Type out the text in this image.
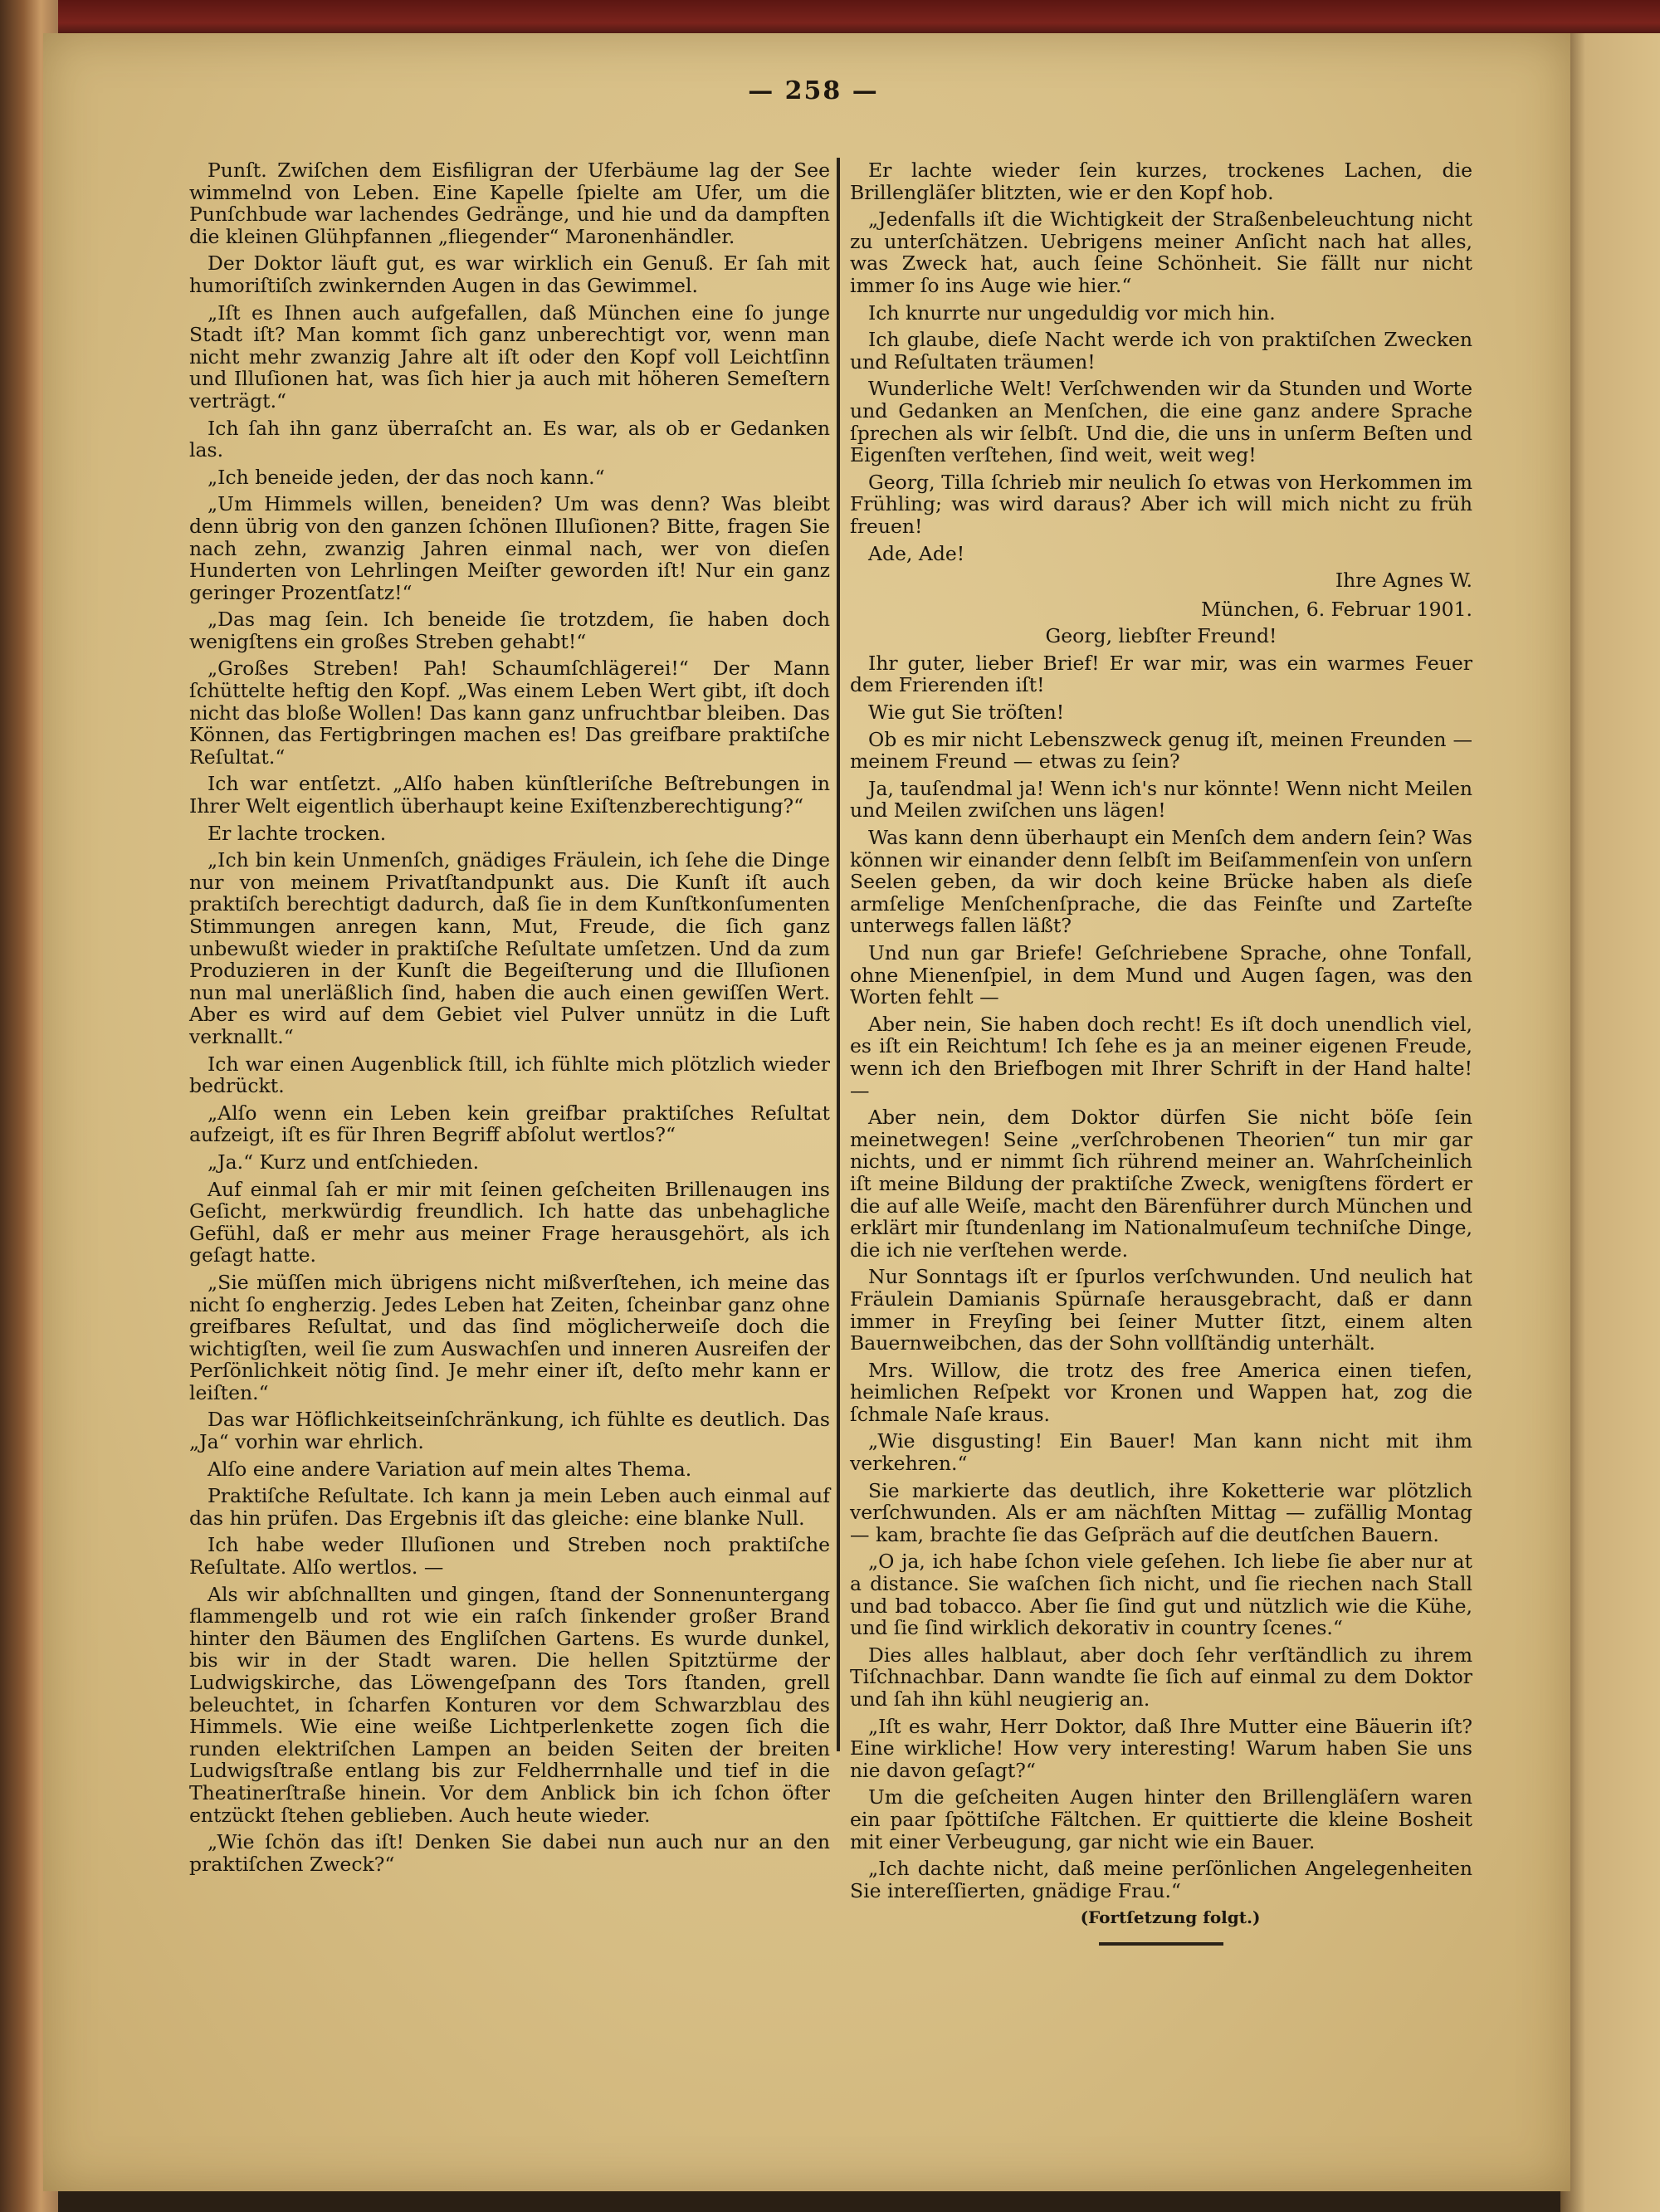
— 258 —

Punſt. Zwiſchen dem Eisfiligran der Uferbäume lag der See wimmelnd von Leben. Eine Kapelle ſpielte am Ufer, um die Punſchbude war lachendes Gedränge, und hie und da dampften die kleinen Glühpfannen „fliegender“ Maronenhändler.

Der Doktor läuft gut, es war wirklich ein Genuß. Er ſah mit humoriſtiſch zwinkernden Augen in das Gewimmel.

„Iſt es Ihnen auch aufgefallen, daß München eine ſo junge Stadt iſt? Man kommt ſich ganz unberechtigt vor, wenn man nicht mehr zwanzig Jahre alt iſt oder den Kopf voll Leichtſinn und Illuſionen hat, was ſich hier ja auch mit höheren Semeſtern verträgt.“

Ich ſah ihn ganz überraſcht an. Es war, als ob er Gedanken las.

„Ich beneide jeden, der das noch kann.“

„Um Himmels willen, beneiden? Um was denn? Was bleibt denn übrig von den ganzen ſchönen Illuſionen? Bitte, fragen Sie nach zehn, zwanzig Jahren einmal nach, wer von dieſen Hunderten von Lehrlingen Meiſter geworden iſt! Nur ein ganz geringer Prozentſatz!“

„Das mag ſein. Ich beneide ſie trotzdem, ſie haben doch wenigſtens ein großes Streben gehabt!“

„Großes Streben! Pah! Schaumſchlägerei!“ Der Mann ſchüttelte heftig den Kopf. „Was einem Leben Wert gibt, iſt doch nicht das bloße Wollen! Das kann ganz unfruchtbar bleiben. Das Können, das Fertigbringen machen es! Das greifbare praktiſche Reſultat.“

Ich war entſetzt. „Alſo haben künſtleriſche Beſtrebungen in Ihrer Welt eigentlich überhaupt keine Exiſtenzberechtigung?“

Er lachte trocken.

„Ich bin kein Unmenſch, gnädiges Fräulein, ich ſehe die Dinge nur von meinem Privatſtandpunkt aus. Die Kunſt iſt auch praktiſch berechtigt dadurch, daß ſie in dem Kunſtkonſumenten Stimmungen anregen kann, Mut, Freude, die ſich ganz unbewußt wieder in praktiſche Reſultate umſetzen. Und da zum Produzieren in der Kunſt die Begeiſterung und die Illuſionen nun mal unerläßlich ſind, haben die auch einen gewiſſen Wert. Aber es wird auf dem Gebiet viel Pulver unnütz in die Luft verknallt.“

Ich war einen Augenblick ſtill, ich fühlte mich plötzlich wieder bedrückt.

„Alſo wenn ein Leben kein greifbar praktiſches Reſultat aufzeigt, iſt es für Ihren Begriff abſolut wertlos?“

„Ja.“ Kurz und entſchieden.

Auf einmal ſah er mir mit ſeinen geſcheiten Brillenaugen ins Geſicht, merkwürdig freundlich. Ich hatte das unbehagliche Gefühl, daß er mehr aus meiner Frage herausgehört, als ich geſagt hatte.

„Sie müſſen mich übrigens nicht mißverſtehen, ich meine das nicht ſo engherzig. Jedes Leben hat Zeiten, ſcheinbar ganz ohne greifbares Reſultat, und das ſind möglicherweiſe doch die wichtigſten, weil ſie zum Auswachſen und inneren Ausreifen der Perſönlichkeit nötig ſind. Je mehr einer iſt, deſto mehr kann er leiſten.“

Das war Höflichkeitseinſchränkung, ich fühlte es deutlich. Das „Ja“ vorhin war ehrlich.

Alſo eine andere Variation auf mein altes Thema.

Praktiſche Reſultate. Ich kann ja mein Leben auch einmal auf das hin prüfen. Das Ergebnis iſt das gleiche: eine blanke Null.

Ich habe weder Illuſionen und Streben noch praktiſche Reſultate. Alſo wertlos. —

Als wir abſchnallten und gingen, ſtand der Sonnenuntergang flammengelb und rot wie ein raſch ſinkender großer Brand hinter den Bäumen des Engliſchen Gartens. Es wurde dunkel, bis wir in der Stadt waren. Die hellen Spitztürme der Ludwigskirche, das Löwengeſpann des Tors ſtanden, grell beleuchtet, in ſcharfen Konturen vor dem Schwarzblau des Himmels. Wie eine weiße Lichtperlenkette zogen ſich die runden elektriſchen Lampen an beiden Seiten der breiten Ludwigsſtraße entlang bis zur Feldherrnhalle und tief in die Theatinerſtraße hinein. Vor dem Anblick bin ich ſchon öfter entzückt ſtehen geblieben. Auch heute wieder.

„Wie ſchön das iſt! Denken Sie dabei nun auch nur an den praktiſchen Zweck?“

Er lachte wieder ſein kurzes, trockenes Lachen, die Brillengläſer blitzten, wie er den Kopf hob.

„Jedenfalls iſt die Wichtigkeit der Straßenbeleuchtung nicht zu unterſchätzen. Uebrigens meiner Anſicht nach hat alles, was Zweck hat, auch ſeine Schönheit. Sie fällt nur nicht immer ſo ins Auge wie hier.“

Ich knurrte nur ungeduldig vor mich hin.

Ich glaube, dieſe Nacht werde ich von praktiſchen Zwecken und Reſultaten träumen!

Wunderliche Welt! Verſchwenden wir da Stunden und Worte und Gedanken an Menſchen, die eine ganz andere Sprache ſprechen als wir ſelbſt. Und die, die uns in unſerm Beſten und Eigenſten verſtehen, ſind weit, weit weg!

Georg, Tilla ſchrieb mir neulich ſo etwas von Herkommen im Frühling; was wird daraus? Aber ich will mich nicht zu früh freuen!

Ade, Ade!

Ihre Agnes W.

München, 6. Februar 1901.

Georg, liebſter Freund!

Ihr guter, lieber Brief! Er war mir, was ein warmes Feuer dem Frierenden iſt!

Wie gut Sie tröſten!

Ob es mir nicht Lebenszweck genug iſt, meinen Freunden — meinem Freund — etwas zu ſein?

Ja, tauſendmal ja! Wenn ich's nur könnte! Wenn nicht Meilen und Meilen zwiſchen uns lägen!

Was kann denn überhaupt ein Menſch dem andern ſein? Was können wir einander denn ſelbſt im Beiſammenſein von unſern Seelen geben, da wir doch keine Brücke haben als dieſe armſelige Menſchenſprache, die das Feinſte und Zarteſte unterwegs fallen läßt?

Und nun gar Briefe! Geſchriebene Sprache, ohne Tonfall, ohne Mienenſpiel, in dem Mund und Augen ſagen, was den Worten fehlt —

Aber nein, Sie haben doch recht! Es iſt doch unendlich viel, es iſt ein Reichtum! Ich ſehe es ja an meiner eigenen Freude, wenn ich den Briefbogen mit Ihrer Schrift in der Hand halte! —

Aber nein, dem Doktor dürfen Sie nicht böſe ſein meinetwegen! Seine „verſchrobenen Theorien“ tun mir gar nichts, und er nimmt ſich rührend meiner an. Wahrſcheinlich iſt meine Bildung der praktiſche Zweck, wenigſtens fördert er die auf alle Weiſe, macht den Bärenführer durch München und erklärt mir ſtundenlang im Nationalmuſeum techniſche Dinge, die ich nie verſtehen werde.

Nur Sonntags iſt er ſpurlos verſchwunden. Und neulich hat Fräulein Damianis Spürnaſe herausgebracht, daß er dann immer in Freyſing bei ſeiner Mutter ſitzt, einem alten Bauernweibchen, das der Sohn vollſtändig unterhält.

Mrs. Willow, die trotz des free America einen tiefen, heimlichen Reſpekt vor Kronen und Wappen hat, zog die ſchmale Naſe kraus.

„Wie disgusting! Ein Bauer! Man kann nicht mit ihm verkehren.“

Sie markierte das deutlich, ihre Koketterie war plötzlich verſchwunden. Als er am nächſten Mittag — zufällig Montag — kam, brachte ſie das Geſpräch auf die deutſchen Bauern.

„O ja, ich habe ſchon viele geſehen. Ich liebe ſie aber nur at a distance. Sie waſchen ſich nicht, und ſie riechen nach Stall und bad tobacco. Aber ſie ſind gut und nützlich wie die Kühe, und ſie ſind wirklich dekorativ in country ſcenes.“

Dies alles halblaut, aber doch ſehr verſtändlich zu ihrem Tiſchnachbar. Dann wandte ſie ſich auf einmal zu dem Doktor und ſah ihn kühl neugierig an.

„Iſt es wahr, Herr Doktor, daß Ihre Mutter eine Bäuerin iſt? Eine wirkliche! How very interesting! Warum haben Sie uns nie davon geſagt?“

Um die geſcheiten Augen hinter den Brillengläſern waren ein paar ſpöttiſche Fältchen. Er quittierte die kleine Bosheit mit einer Verbeugung, gar nicht wie ein Bauer.

„Ich dachte nicht, daß meine perſönlichen Angelegenheiten Sie intereſſierten, gnädige Frau.“

(Fortſetzung folgt.)
